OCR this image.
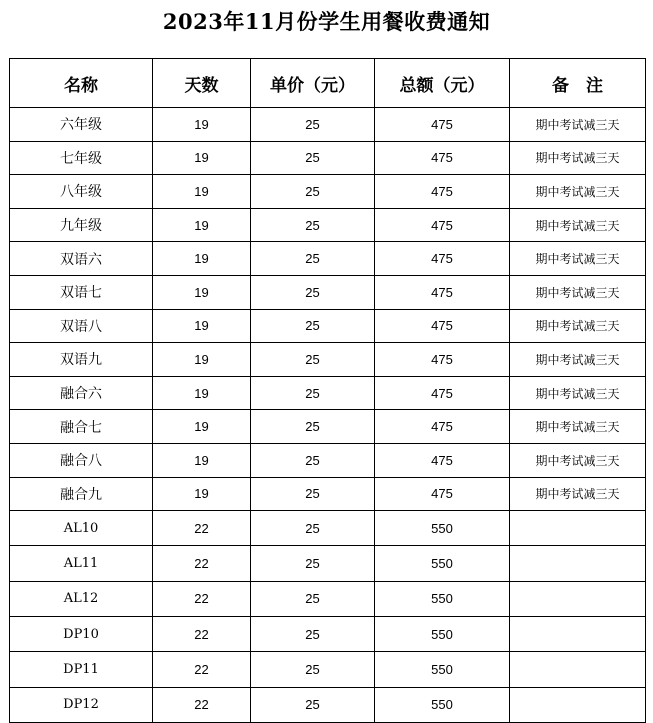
2023年11月份学生用餐收费通知
名称	天数	单价（元）	总额（元）	备　注
六年级	19	25	475	期中考试减三天
七年级	19	25	475	期中考试减三天
八年级	19	25	475	期中考试减三天
九年级	19	25	475	期中考试减三天
双语六	19	25	475	期中考试减三天
双语七	19	25	475	期中考试减三天
双语八	19	25	475	期中考试减三天
双语九	19	25	475	期中考试减三天
融合六	19	25	475	期中考试减三天
融合七	19	25	475	期中考试减三天
融合八	19	25	475	期中考试减三天
融合九	19	25	475	期中考试减三天
AL10	22	25	550	
AL11	22	25	550	
AL12	22	25	550	
DP10	22	25	550	
DP11	22	25	550	
DP12	22	25	550	
